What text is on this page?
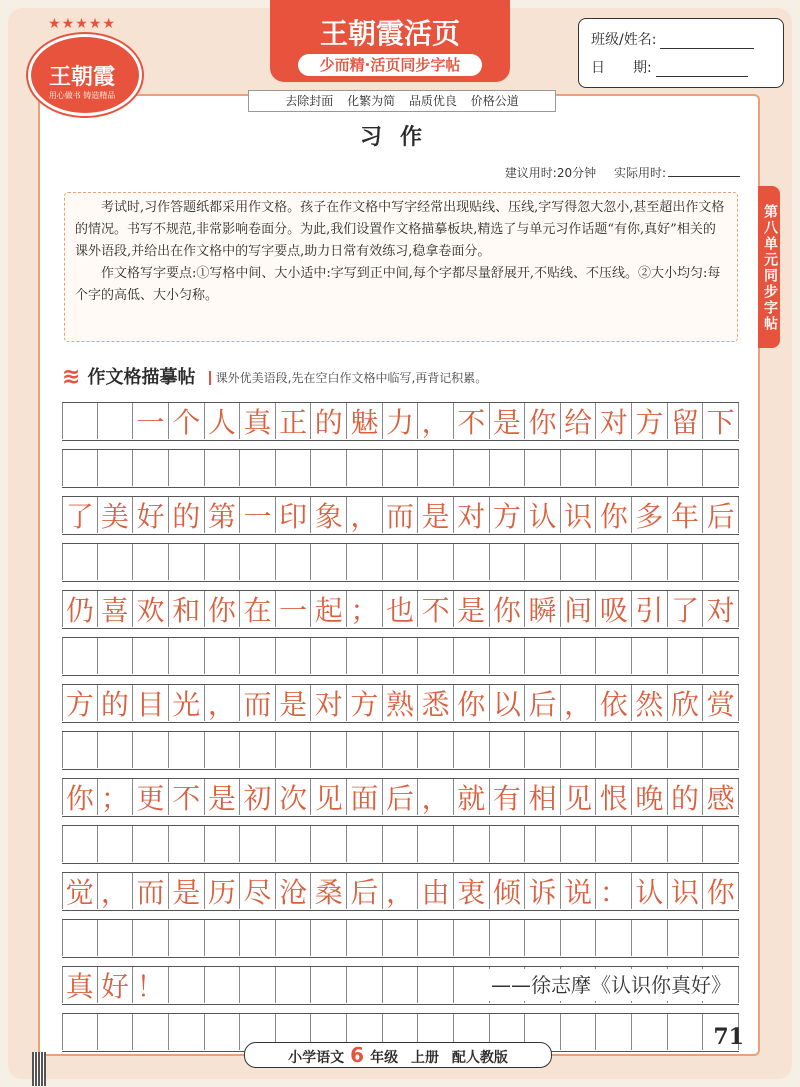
★★★★★
王朝霞
用心做书 铸造精品
王朝霞活页
少而精·活页同步字帖
去除封面 化繁为简 品质优良 价格公道
班级/姓名:
日　　期:
第八单元同步字帖
习作
建议用时:20分钟 实际用时:

考试时,习作答题纸都采用作文格。孩子在作文格中写字经常出现贴线、压线,字写得忽大忽小,甚至超出作文格的情况。书写不规范,非常影响卷面分。为此,我们设置作文格描摹板块,精选了与单元习作话题“有你,真好”相关的课外语段,并给出在作文格中的写字要点,助力日常有效练习,稳拿卷面分。

作文格写字要点:①写格中间、大小适中:字写到正中间,每个字都尽量舒展开,不贴线、不压线。②大小均匀:每个字的高低、大小匀称。

≋ 作文格描摹帖 课外优美语段,先在空白作文格中临写,再背记积累。
一 个 人 真 正 的 魅 力 ， 不 是 你 给 对 方 留 下
了 美 好 的 第 一 印 象 ， 而 是 对 方 认 识 你 多 年 后
仍 喜 欢 和 你 在 一 起 ； 也 不 是 你 瞬 间 吸 引 了 对
方 的 目 光 ， 而 是 对 方 熟 悉 你 以 后 ， 依 然 欣 赏
你 ； 更 不 是 初 次 见 面 后 ， 就 有 相 见 恨 晚 的 感
觉 ， 而 是 历 尽 沧 桑 后 ， 由 衷 倾 诉 说 ： 认 识 你
真 好 ！	——徐志摩《认识你真好》
小学语文 6 年级 上册 配人教版
71
